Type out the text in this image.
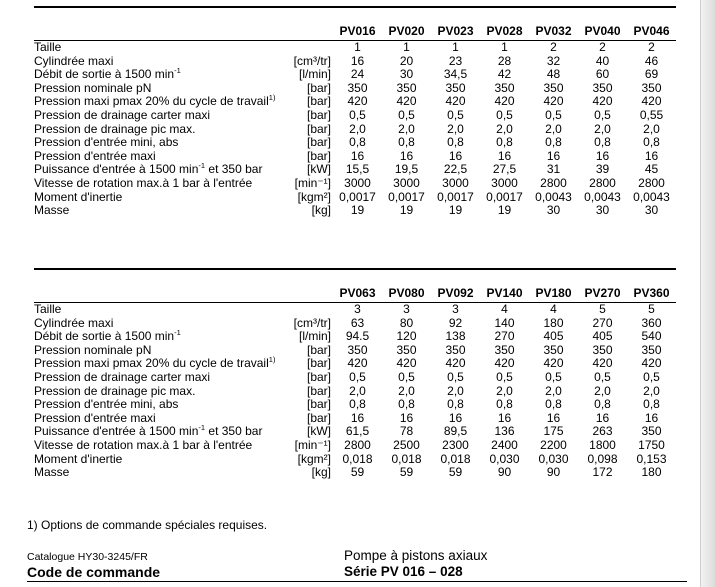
		PV016	PV020	PV023	PV028	PV032	PV040	PV046
Taille		1	1	1	1	2	2	2
Cylindrée maxi	[cm³/tr]	16	20	23	28	32	40	46
Débit de sortie à 1500 $\min^{-1}$	[l/min]	24	30	34,5	42	48	60	69
Pression nominale pN	[bar]	350	350	350	350	350	350	350
Pression maxi pmax 20% du cycle de travail$^{1)}$	[bar]	420	420	420	420	420	420	420
Pression de drainage carter maxi	[bar]	0,5	0,5	0,5	0,5	0,5	0,5	0,55
Pression de drainage pic max.	[bar]	2,0	2,0	2,0	2,0	2,0	2,0	2,0
Pression d'entrée mini, abs	[bar]	0,8	0,8	0,8	0,8	0,8	0,8	0,8
Pression d'entrée maxi	[bar]	16	16	16	16	16	16	16
Puissance d'entrée à 1500 $\min^{-1}$ et 350 bar	[kW]	15,5	19,5	22,5	27,5	31	39	45
Vitesse de rotation max.à 1 bar à l'entrée	[min⁻¹]	3000	3000	3000	3000	2800	2800	2800
Moment d'inertie	[kgm²]	0,0017	0,0017	0,0017	0,0017	0,0043	0,0043	0,0043
Masse	[kg]	19	19	19	19	30	30	30
		PV063	PV080	PV092	PV140	PV180	PV270	PV360
Taille		3	3	3	4	4	5	5
Cylindrée maxi	[cm³/tr]	63	80	92	140	180	270	360
Débit de sortie à 1500 $\min^{-1}$	[l/min]	94.5	120	138	270	405	405	540
Pression nominale pN	[bar]	350	350	350	350	350	350	350
Pression maxi pmax 20% du cycle de travail$^{1)}$	[bar]	420	420	420	420	420	420	420
Pression de drainage carter maxi	[bar]	0,5	0,5	0,5	0,5	0,5	0,5	0,5
Pression de drainage pic max.	[bar]	2,0	2,0	2,0	2,0	2,0	2,0	2,0
Pression d'entrée mini, abs	[bar]	0,8	0,8	0,8	0,8	0,8	0,8	0,8
Pression d'entrée maxi	[bar]	16	16	16	16	16	16	16
Puissance d'entrée à 1500 $\min^{-1}$ et 350 bar	[kW]	61,5	78	89,5	136	175	263	350
Vitesse de rotation max.à 1 bar à l'entrée	[min⁻¹]	2800	2500	2300	2400	2200	1800	1750
Moment d'inertie	[kgm²]	0,018	0,018	0,018	0,030	0,030	0,098	0,153
Masse	[kg]	59	59	59	90	90	172	180
1) Options de commande spéciales requises.
Catalogue HY30-3245/FR
Code de commande
Pompe à pistons axiaux
Série PV 016 – 028
